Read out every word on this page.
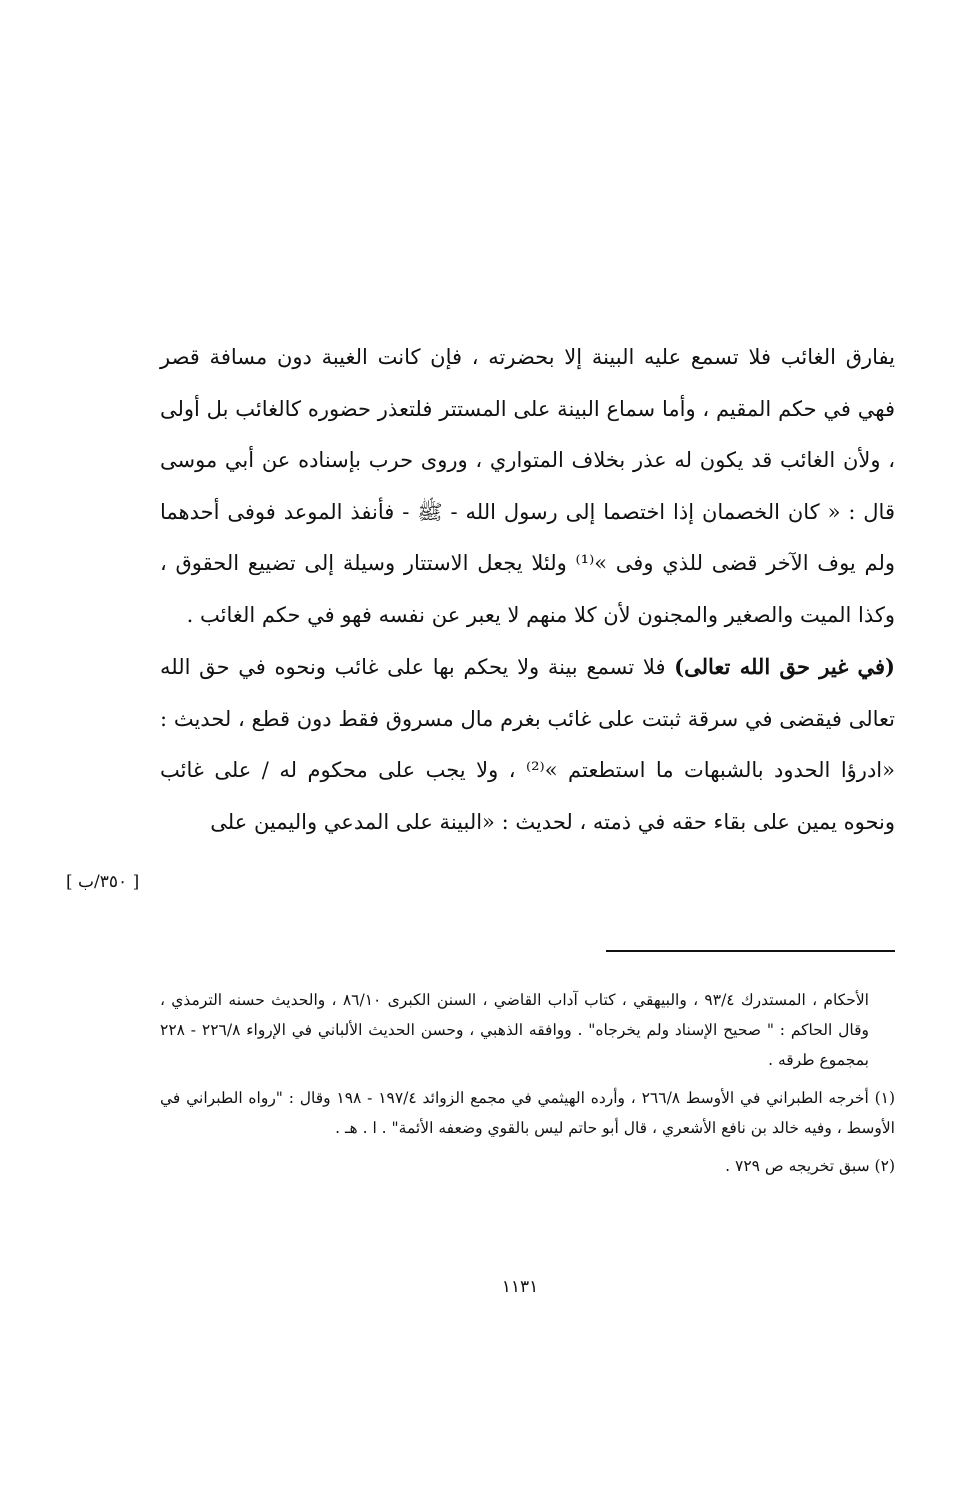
يفارق الغائب فلا تسمع عليه البينة إلا بحضرته ، فإن كانت الغيبة دون مسافة قصر فهي في حكم المقيم ، وأما سماع البينة على المستتر فلتعذر حضوره كالغائب بل أولى ، ولأن الغائب قد يكون له عذر بخلاف المتواري ، وروى حرب بإسناده عن أبي موسى قال : « كان الخصمان إذا اختصما إلى رسول الله - ﷺ - فأنفذ الموعد فوفى أحدهما ولم يوف الآخر قضى للذي وفى »⁽¹⁾ ولئلا يجعل الاستتار وسيلة إلى تضييع الحقوق ، وكذا الميت والصغير والمجنون لأن كلا منهم لا يعبر عن نفسه فهو في حكم الغائب .

(في غير حق الله تعالى) فلا تسمع بينة ولا يحكم بها على غائب ونحوه في حق الله تعالى فيقضى في سرقة ثبتت على غائب بغرم مال مسروق فقط دون قطع ، لحديث : «ادرؤا الحدود بالشبهات ما استطعتم »⁽²⁾ ، ولا يجب على محكوم له / على غائب ونحوه يمين على بقاء حقه في ذمته ، لحديث : «البينة على المدعي واليمين على

[ ٣٥٠/ب ]

الأحكام ، المستدرك ٩٣/٤ ، والبيهقي ، كتاب آداب القاضي ، السنن الكبرى ٨٦/١٠ ، والحديث حسنه الترمذي ، وقال الحاكم : " صحيح الإسناد ولم يخرجاه" . ووافقه الذهبي ، وحسن الحديث الألباني في الإرواء ٢٢٦/٨ - ٢٢٨ بمجموع طرقه .

(١) أخرجه الطبراني في الأوسط ٢٦٦/٨ ، وأرده الهيثمي في مجمع الزوائد ١٩٧/٤ - ١٩٨ وقال : "رواه الطبراني في الأوسط ، وفيه خالد بن نافع الأشعري ، قال أبو حاتم ليس بالقوي وضعفه الأئمة" . ا . هـ .

(٢) سبق تخريجه ص ٧٢٩ .

١١٣١
